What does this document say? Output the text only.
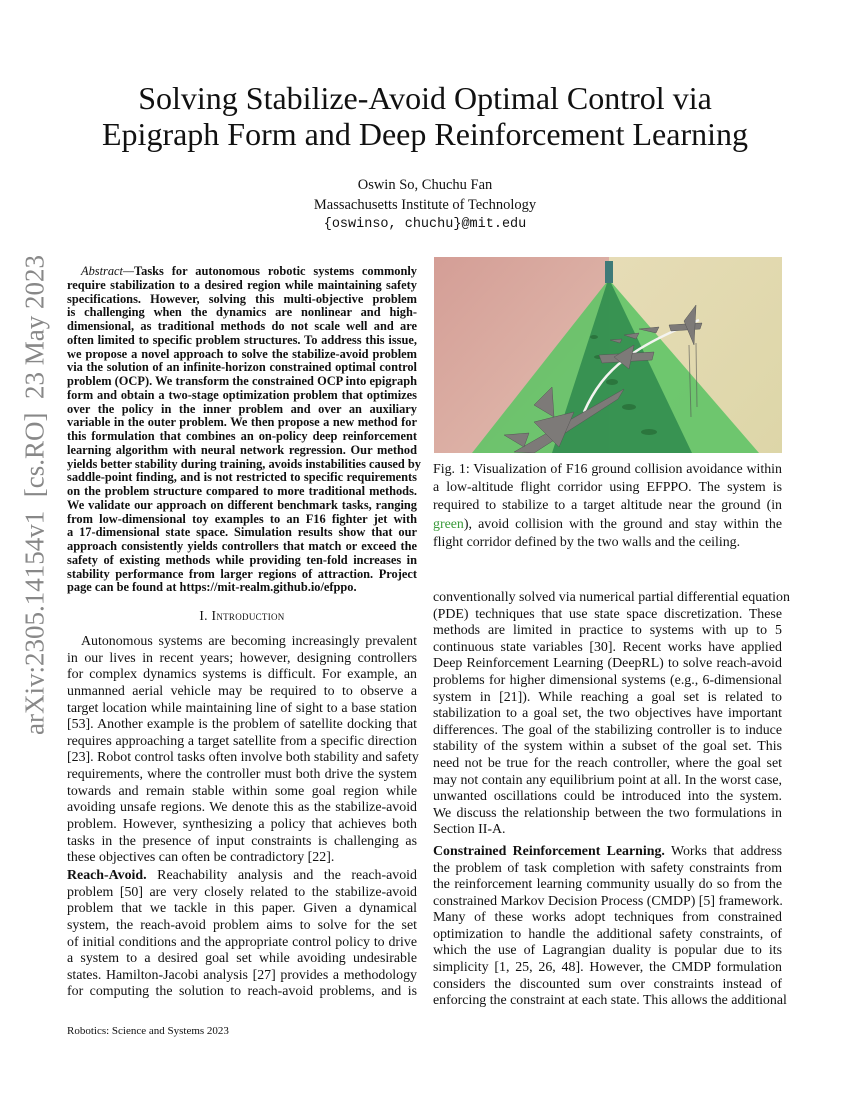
arXiv:2305.14154v1  [cs.RO]  23 May 2023
Solving Stabilize-Avoid Optimal Control via
Epigraph Form and Deep Reinforcement Learning
Oswin So, Chuchu Fan
Massachusetts Institute of Technology
{oswinso, chuchu}@mit.edu
Abstract—Tasks for autonomous robotic systems commonly
require stabilization to a desired region while maintaining safety
specifications. However, solving this multi-objective problem
is challenging when the dynamics are nonlinear and high-
dimensional, as traditional methods do not scale well and are
often limited to specific problem structures. To address this issue,
we propose a novel approach to solve the stabilize-avoid problem
via the solution of an infinite-horizon constrained optimal control
problem (OCP). We transform the constrained OCP into epigraph
form and obtain a two-stage optimization problem that optimizes
over the policy in the inner problem and over an auxiliary
variable in the outer problem. We then propose a new method for
this formulation that combines an on-policy deep reinforcement
learning algorithm with neural network regression. Our method
yields better stability during training, avoids instabilities caused by
saddle-point finding, and is not restricted to specific requirements
on the problem structure compared to more traditional methods.
We validate our approach on different benchmark tasks, ranging
from low-dimensional toy examples to an F16 fighter jet with
a 17-dimensional state space. Simulation results show that our
approach consistently yields controllers that match or exceed the
safety of existing methods while providing ten-fold increases in
stability performance from larger regions of attraction. Project
page can be found at https://mit-realm.github.io/efppo.
I. Introduction
Autonomous systems are becoming increasingly prevalent
in our lives in recent years; however, designing controllers
for complex dynamics systems is difficult. For example, an
unmanned aerial vehicle may be required to to observe a
target location while maintaining line of sight to a base station
[53]. Another example is the problem of satellite docking that
requires approaching a target satellite from a specific direction
[23]. Robot control tasks often involve both stability and safety
requirements, where the controller must both drive the system
towards and remain stable within some goal region while
avoiding unsafe regions. We denote this as the stabilize-avoid
problem. However, synthesizing a policy that achieves both
tasks in the presence of input constraints is challenging as
these objectives can often be contradictory [22].
Reach-Avoid. Reachability analysis and the reach-avoid
problem [50] are very closely related to the stabilize-avoid
problem that we tackle in this paper. Given a dynamical
system, the reach-avoid problem aims to solve for the set
of initial conditions and the appropriate control policy to drive
a system to a desired goal set while avoiding undesirable
states. Hamilton-Jacobi analysis [27] provides a methodology
for computing the solution to reach-avoid problems, and is
Fig. 1: Visualization of F16 ground collision avoidance within
a low-altitude flight corridor using EFPPO. The system is
required to stabilize to a target altitude near the ground (in
green), avoid collision with the ground and stay within the
flight corridor defined by the two walls and the ceiling.
conventionally solved via numerical partial differential equation
(PDE) techniques that use state space discretization. These
methods are limited in practice to systems with up to 5
continuous state variables [30]. Recent works have applied
Deep Reinforcement Learning (DeepRL) to solve reach-avoid
problems for higher dimensional systems (e.g., 6-dimensional
system in [21]). While reaching a goal set is related to
stabilization to a goal set, the two objectives have important
differences. The goal of the stabilizing controller is to induce
stability of the system within a subset of the goal set. This
need not be true for the reach controller, where the goal set
may not contain any equilibrium point at all. In the worst case,
unwanted oscillations could be introduced into the system.
We discuss the relationship between the two formulations in
Section II-A.
Constrained Reinforcement Learning. Works that address
the problem of task completion with safety constraints from
the reinforcement learning community usually do so from the
constrained Markov Decision Process (CMDP) [5] framework.
Many of these works adopt techniques from constrained
optimization to handle the additional safety constraints, of
which the use of Lagrangian duality is popular due to its
simplicity [1, 25, 26, 48]. However, the CMDP formulation
considers the discounted sum over constraints instead of
enforcing the constraint at each state. This allows the additional
Robotics: Science and Systems 2023
